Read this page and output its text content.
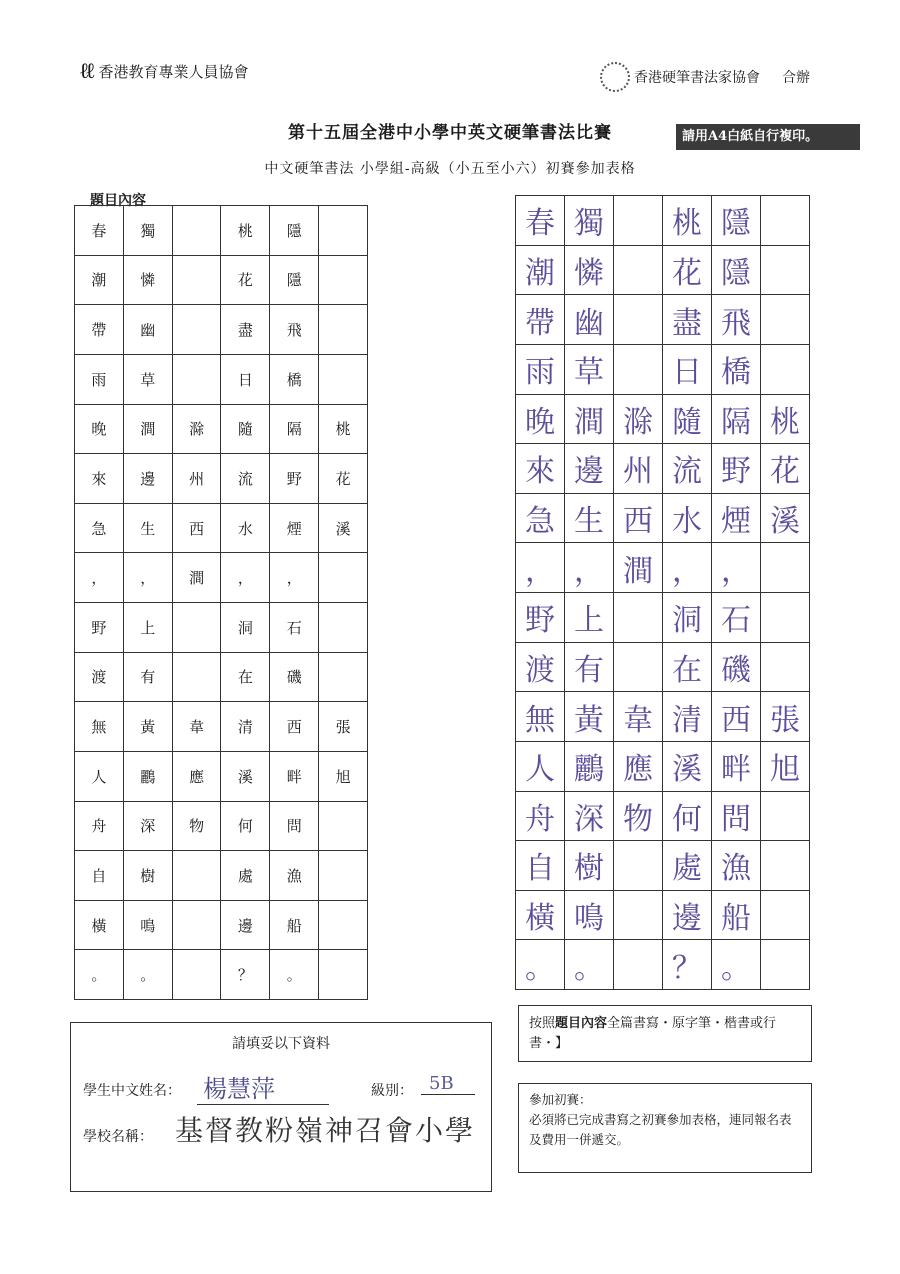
ℓℓ 香港教育專業人員協會	香港硬筆書法家協會 合辦
第十五屆全港中小學中英文硬筆書法比賽	請用A4白紙自行複印。
中文硬筆書法 小學組-高級（小五至小六）初賽參加表格
題目內容
春	獨		桃	隱	
潮	憐		花	隱	
帶	幽		盡	飛	
雨	草		日	橋	
晚	澗	滁	隨	隔	桃
來	邊	州	流	野	花
急	生	西	水	煙	溪
，	，	澗	，	，	
野	上		洞	石	
渡	有		在	磯	
無	黃	韋	清	西	張
人	鸝	應	溪	畔	旭
舟	深	物	何	問	
自	樹		處	漁	
橫	鳴		邊	船	
。	。		？	。	
春	獨		桃	隱	
潮	憐		花	隱	
帶	幽		盡	飛	
雨	草		日	橋	
晚	澗	滁	隨	隔	桃
來	邊	州	流	野	花
急	生	西	水	煙	溪
，	，	澗	，	，	
野	上		洞	石	
渡	有		在	磯	
無	黃	韋	清	西	張
人	鸝	應	溪	畔	旭
舟	深	物	何	問	
自	樹		處	漁	
橫	鳴		邊	船	
。	。		？	。	
請填妥以下資料
學生中文姓名： 楊慧萍	級別： 5B
學校名稱： 基督教粉嶺神召會小學
按照題目內容全篇書寫・原字筆・楷書或行書・】
參加初賽：
必須將已完成書寫之初賽參加表格，連同報名表及費用一併遞交。
